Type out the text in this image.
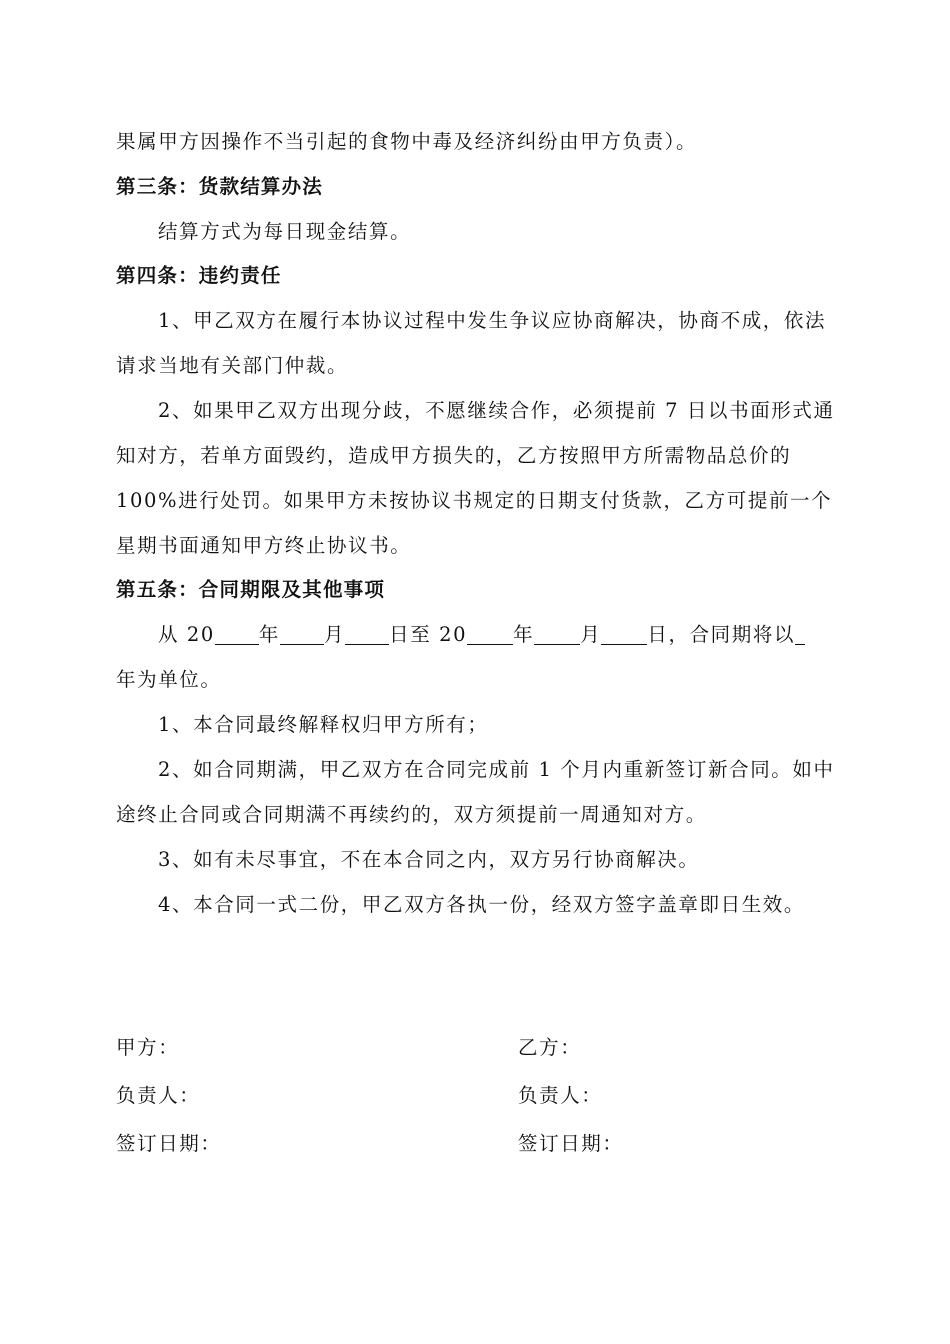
果属甲方因操作不当引起的食物中毒及经济纠纷由甲方负责）。
第三条：货款结算办法
结算方式为每日现金结算。
第四条：违约责任
1、甲乙双方在履行本协议过程中发生争议应协商解决，协商不成，依法
请求当地有关部门仲裁。
2、如果甲乙双方出现分歧，不愿继续合作，必须提前 7 日以书面形式通
知对方，若单方面毁约，造成甲方损失的，乙方按照甲方所需物品总价的
100%进行处罚。如果甲方未按协议书规定的日期支付货款，乙方可提前一个
星期书面通知甲方终止协议书。
第五条：合同期限及其他事项
从 20 年 月 日至 20 年 月 日，合同期将以
年为单位。
1、本合同最终解释权归甲方所有；
2、如合同期满，甲乙双方在合同完成前 1 个月内重新签订新合同。如中
途终止合同或合同期满不再续约的，双方须提前一周通知对方。
3、如有未尽事宜，不在本合同之内，双方另行协商解决。
4、本合同一式二份，甲乙双方各执一份，经双方签字盖章即日生效。
甲方：	乙方：
负责人：	负责人：
签订日期：	签订日期：
